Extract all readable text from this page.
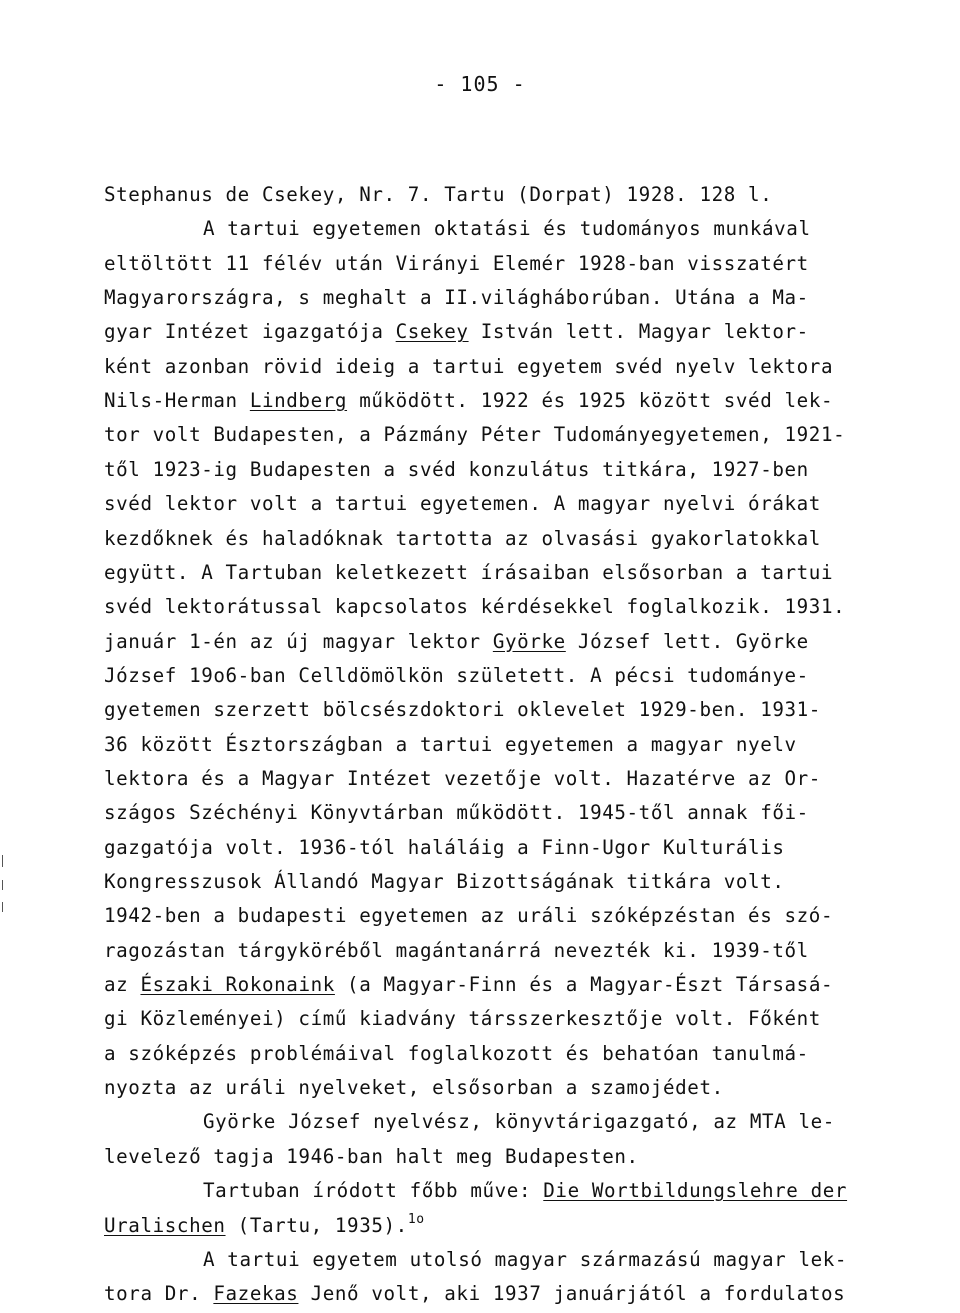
- 105 -
Stephanus de Csekey, Nr. 7. Tartu (Dorpat) 1928. 128 l.
A tartui egyetemen oktatási és tudományos munkával
eltöltött 11 félév után Virányi Elemér 1928-ban visszatért
Magyarországra, s meghalt a II.világháborúban. Utána a Ma-
gyar Intézet igazgatója Csekey István lett. Magyar lektor-
ként azonban rövid ideig a tartui egyetem svéd nyelv lektora
Nils-Herman Lindberg működött. 1922 és 1925 között svéd lek-
tor volt Budapesten, a Pázmány Péter Tudományegyetemen, 1921-
től 1923-ig Budapesten a svéd konzulátus titkára, 1927-ben
svéd lektor volt a tartui egyetemen. A magyar nyelvi órákat
kezdőknek és haladóknak tartotta az olvasási gyakorlatokkal
együtt. A Tartuban keletkezett írásaiban elsősorban a tartui
svéd lektorátussal kapcsolatos kérdésekkel foglalkozik. 1931.
január 1-én az új magyar lektor Györke József lett. Györke
József 19o6-ban Celldömölkön született. A pécsi tudománye-
gyetemen szerzett bölcsészdoktori oklevelet 1929-ben. 1931-
36 között Észtországban a tartui egyetemen a magyar nyelv
lektora és a Magyar Intézet vezetője volt. Hazatérve az Or-
szágos Széchényi Könyvtárban működött. 1945-től annak fői-
gazgatója volt. 1936-tól haláláig a Finn-Ugor Kulturális
Kongresszusok Állandó Magyar Bizottságának titkára volt.
1942-ben a budapesti egyetemen az uráli szóképzéstan és szó-
ragozástan tárgyköréből magántanárrá nevezték ki. 1939-től
az Északi Rokonaink (a Magyar-Finn és a Magyar-Észt Társasá-
gi Közleményei) című kiadvány társszerkesztője volt. Főként
a szóképzés problémáival foglalkozott és behatóan tanulmá-
nyozta az uráli nyelveket, elsősorban a szamojédet.
Györke József nyelvész, könyvtárigazgató, az MTA le-
levelező tagja 1946-ban halt meg Budapesten.
Tartuban íródott főbb műve: Die Wortbildungslehre der
Uralischen (Tartu, 1935).$^{1o}$
A tartui egyetem utolsó magyar származású magyar lek-
tora Dr. Fazekas Jenő volt, aki 1937 januárjától a fordulatos
